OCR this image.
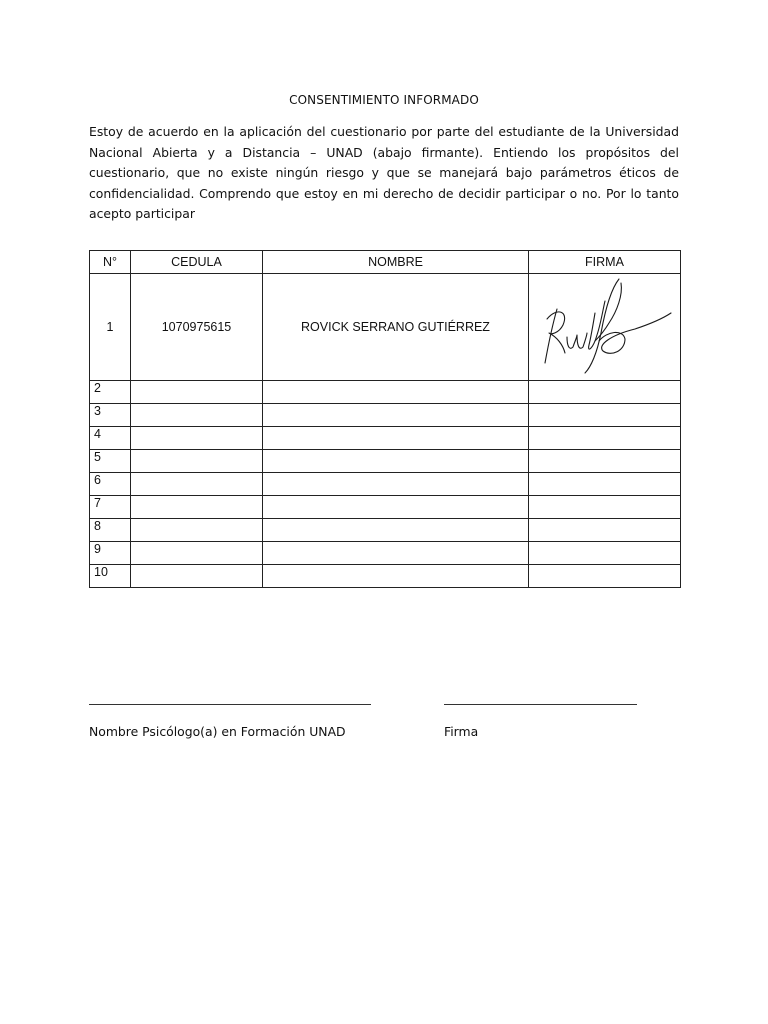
CONSENTIMIENTO INFORMADO
Estoy de acuerdo en la aplicación del cuestionario por parte del estudiante de la Universidad Nacional Abierta y a Distancia – UNAD (abajo firmante). Entiendo los propósitos del cuestionario, que no existe ningún riesgo y que se manejará bajo parámetros éticos de confidencialidad. Comprendo que estoy en mi derecho de decidir participar o no. Por lo tanto acepto participar
N°	CEDULA	NOMBRE	FIRMA
1	1070975615	ROVICK SERRANO GUTIÉRREZ	

2			
3			
4			
5			
6			
7			
8			
9			
10			
Nombre Psicólogo(a) en Formación UNAD	Firma
